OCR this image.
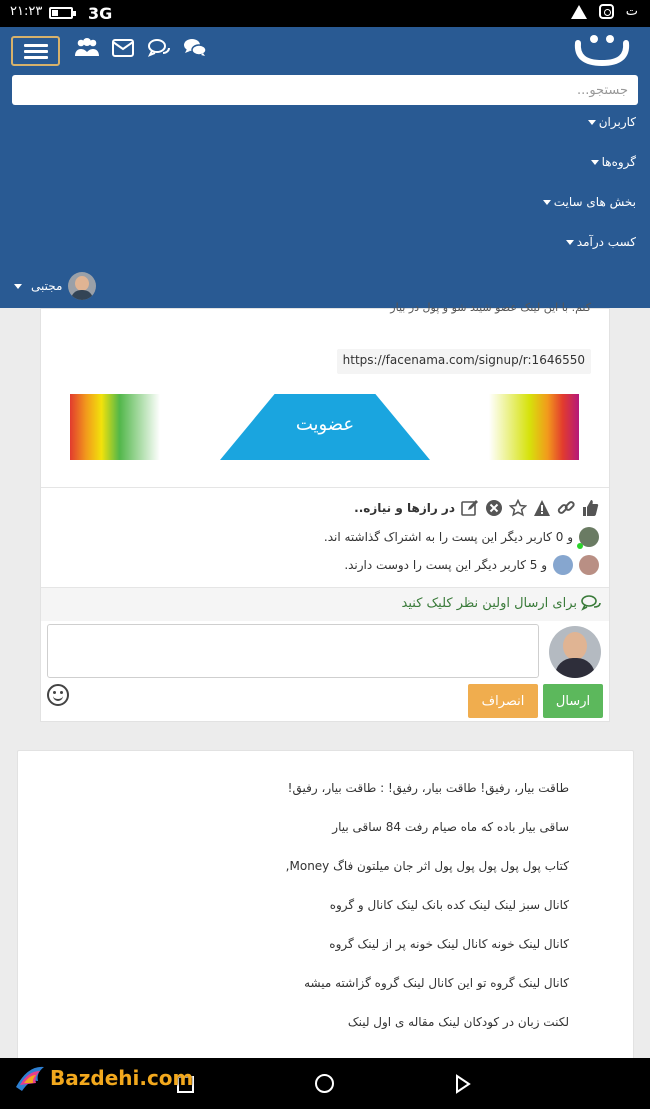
۲۱:۲۳	3G	ت
جستجو...
کاربران
گروه‌ها
بخش های سایت
کسب درآمد
مجتبی
کنم. با این لینک عضو شیند شو و پول در بیار
https://facenama.com/signup/r:1646550
عضویت
در رازها و نیازه..
و 0 کاربر دیگر این پست را به اشتراک گذاشته اند.
و 5 کاربر دیگر این پست را دوست دارند.
برای ارسال اولین نظر کلیک کنید
ارسال
انصراف
طاقت بیار، رفیق! طاقت بیار، رفیق! : طاقت بیار، رفیق!
ساقی بیار باده که ماه صیام رفت 84 ساقی بیار
کتاب پول پول پول پول پول اثر جان میلتون فاگ Money,
کانال سبز لینک لینک کده بانک لینک کانال و گروه
کانال لینک خونه کانال لینک خونه پر از لینک گروه
کانال لینک گروه تو این کانال لینک گروه گزاشته میشه
لکنت زبان در کودکان لینک مقاله ی اول لینک
Bazdehi.com
